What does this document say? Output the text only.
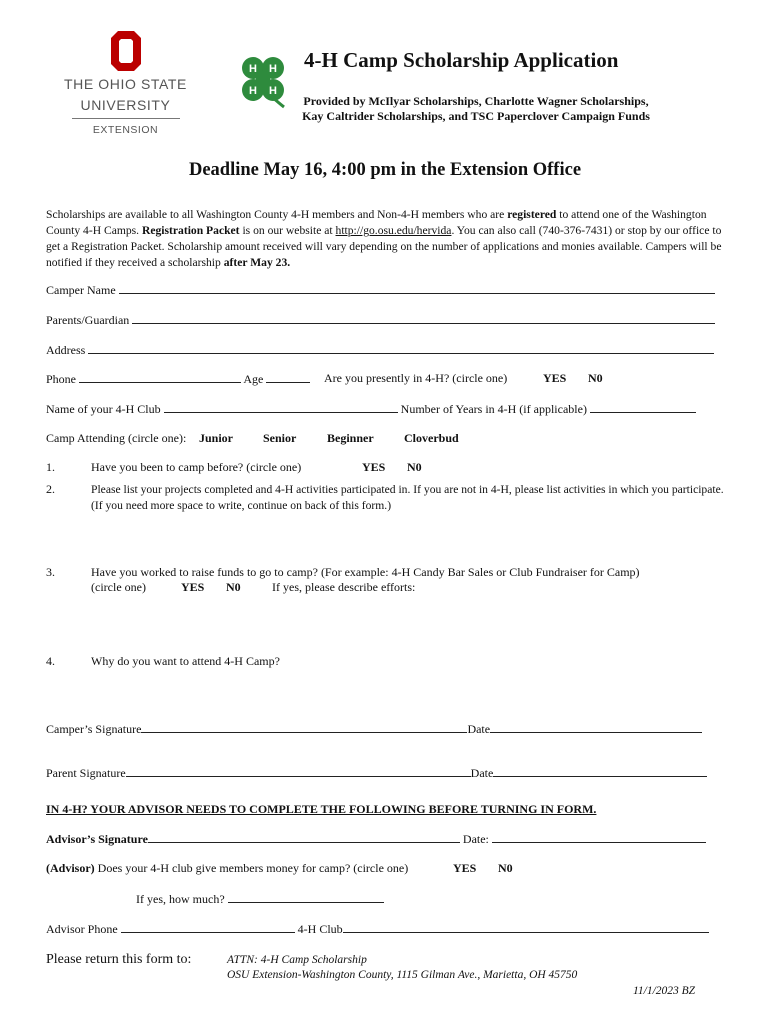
THE OHIO STATE
UNIVERSITY
EXTENSION
H H
H H
4-H Camp Scholarship Application
Provided by McIlyar Scholarships, Charlotte Wagner Scholarships, Kay Caltrider Scholarships, and TSC Paperclover Campaign Funds
Deadline May 16, 4:00 pm in the Extension Office
Scholarships are available to all Washington County 4-H members and Non-4-H members who are registered to attend one of the Washington County 4-H Camps. Registration Packet is on our website at http://go.osu.edu/hervida. You can also call (740-376-7431) or stop by our office to get a Registration Packet. Scholarship amount received will vary depending on the number of applications and monies available. Campers will be notified if they received a scholarship after May 23.
Camper Name
Parents/Guardian
Address
Phone	Age	Are you presently in 4-H? (circle one)	YES N0
Name of your 4-H Club	Number of Years in 4-H (if applicable)
Camp Attending (circle one): Junior Senior	Beginner	Cloverbud
1.	Have you been to camp before? (circle one)	YES N0
2.	Please list your projects completed and 4-H activities participated in. If you are not in 4-H, please list activities in which you participate. (If you need more space to write, continue on back of this form.)
3.	Have you worked to raise funds to go to camp? (For example: 4-H Candy Bar Sales or Club Fundraiser for Camp)
(circle one)	YES N0	If yes, please describe efforts:
4.	Why do you want to attend 4-H Camp?
Camper’s Signature	Date
Parent Signature	Date
IN 4-H? YOUR ADVISOR NEEDS TO COMPLETE THE FOLLOWING BEFORE TURNING IN FORM.
Advisor’s Signature	Date:
(Advisor) Does your 4-H club give members money for camp? (circle one)	YES N0
If yes, how much?
Advisor Phone	4-H Club
Please return this form to:	ATTN: 4-H Camp Scholarship
OSU Extension-Washington County, 1115 Gilman Ave., Marietta, OH 45750
11/1/2023 BZ
